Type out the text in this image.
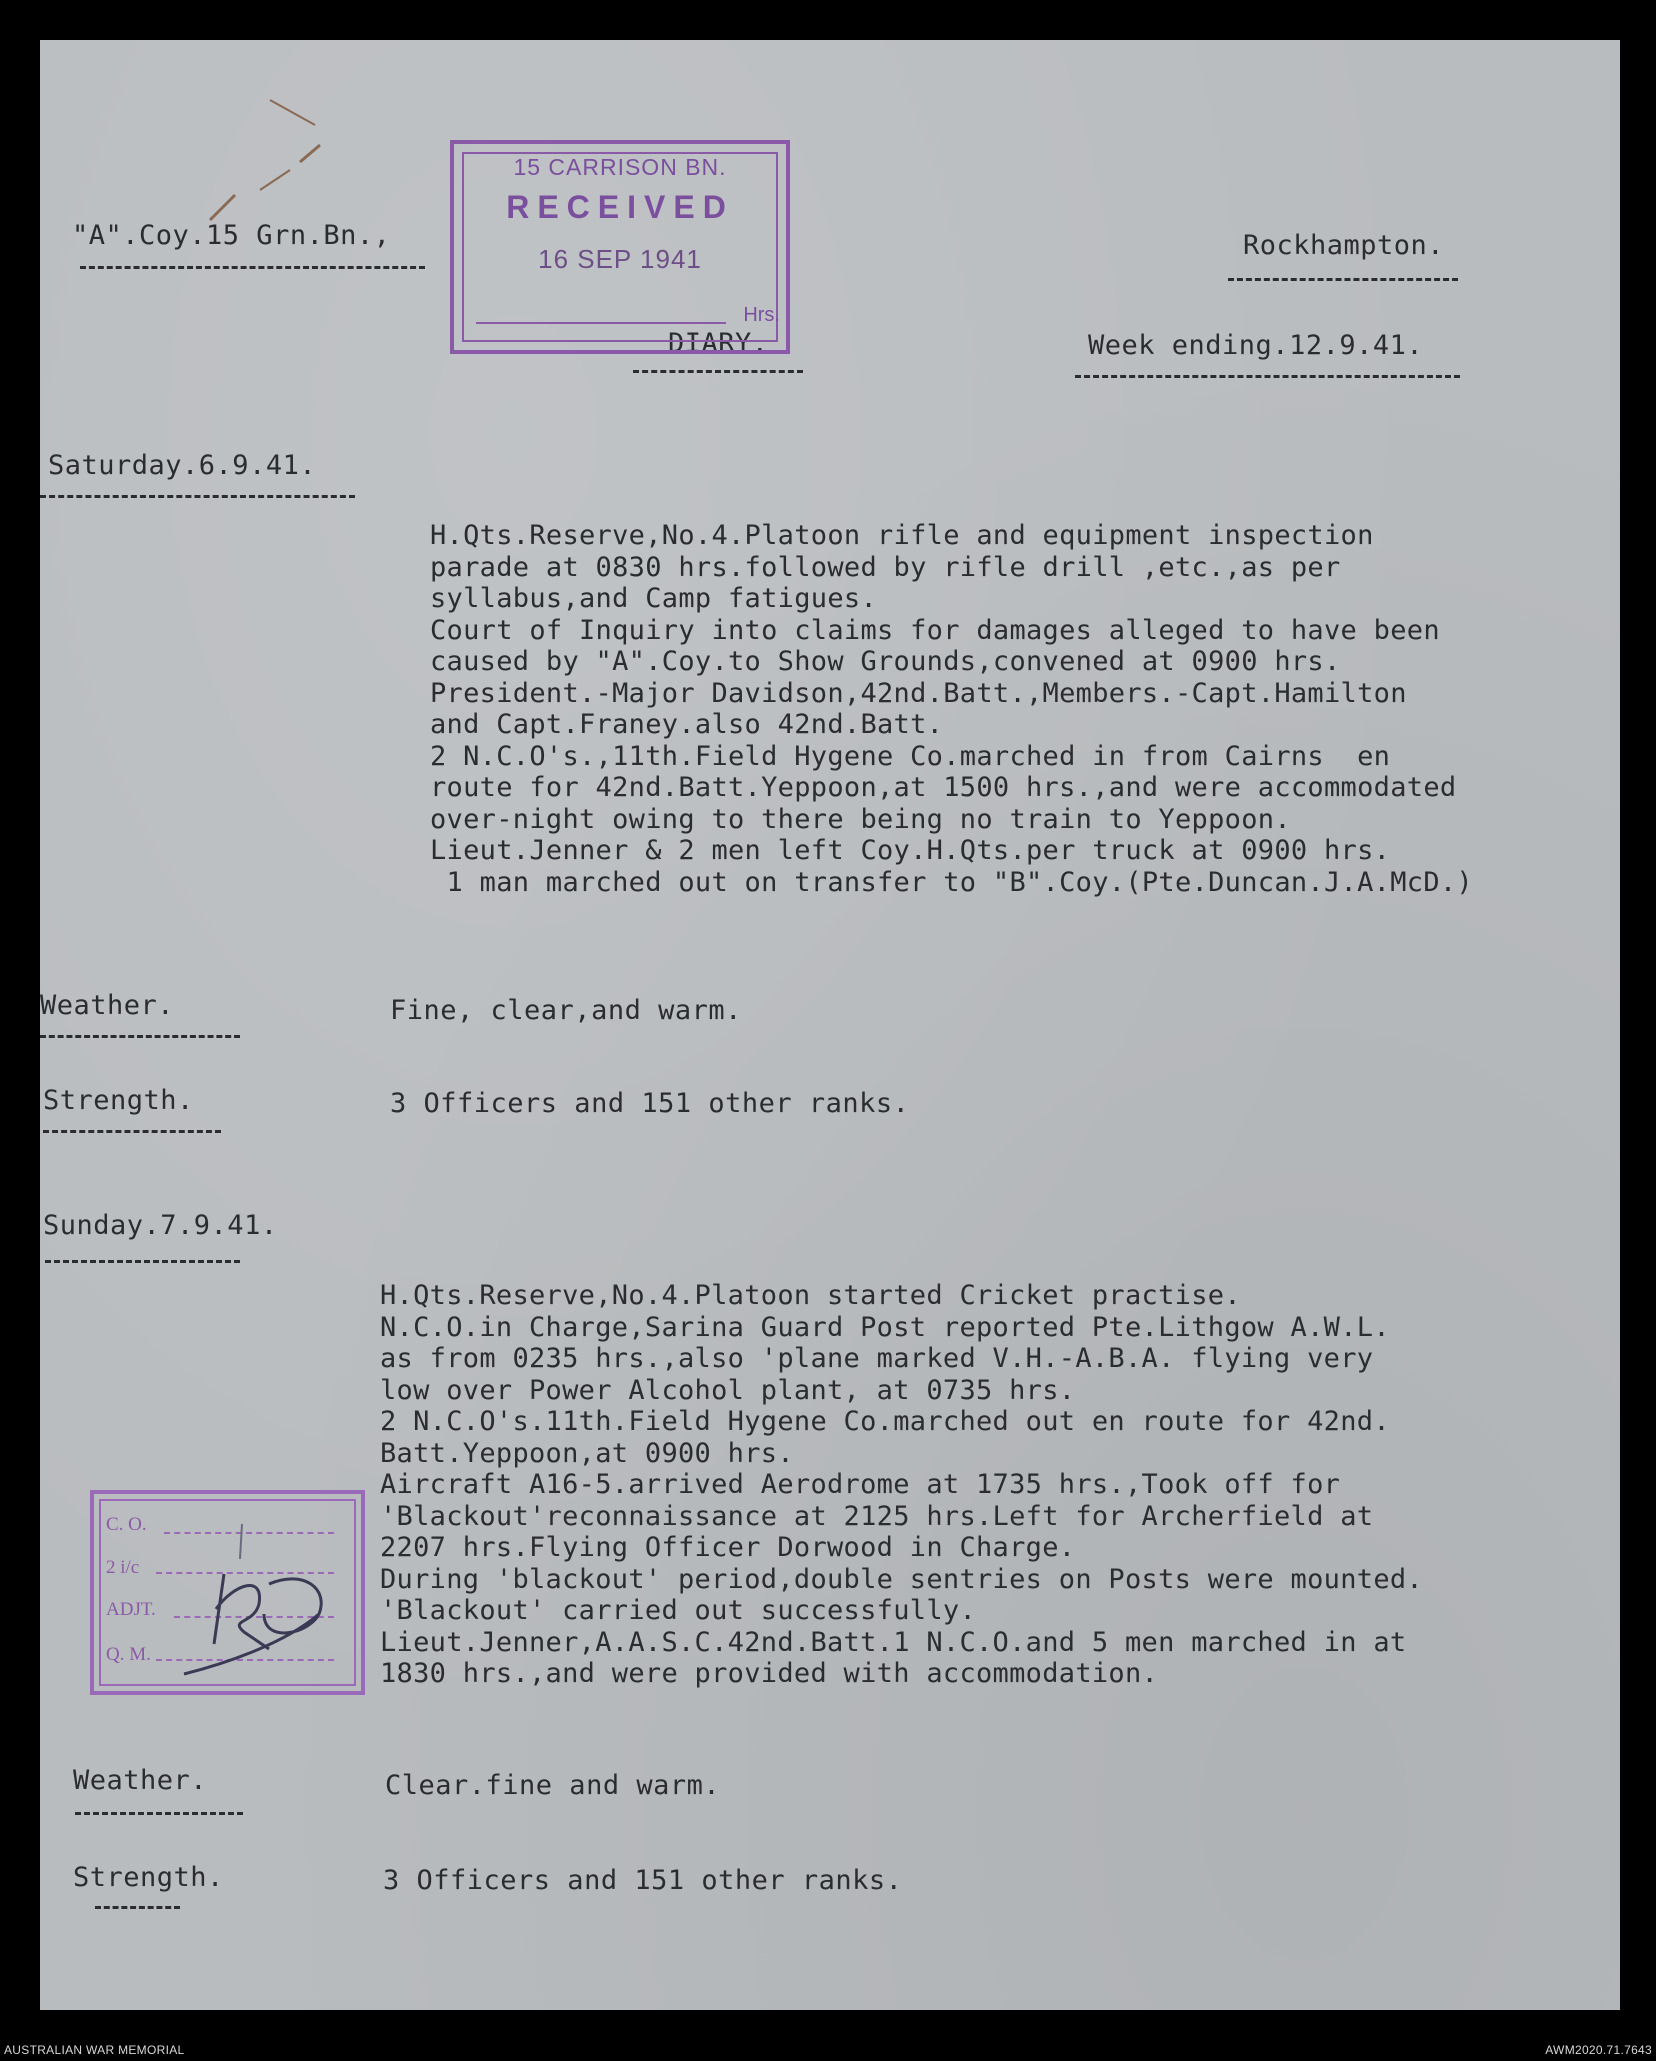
"A".Coy.15 Grn.Bn.,	Rockhampton.
DIARY.	Week ending.12.9.41.
15 CARRISON BN.
RECEIVED
16 SEP 1941
Hrs.
Saturday.6.9.41.
H.Qts.Reserve,No.4.Platoon rifle and equipment inspection
parade at 0830 hrs.followed by rifle drill ,etc.,as per
syllabus,and Camp fatigues.
Court of Inquiry into claims for damages alleged to have been
caused by "A".Coy.to Show Grounds,convened at 0900 hrs.
President.-Major Davidson,42nd.Batt.,Members.-Capt.Hamilton
and Capt.Franey.also 42nd.Batt.
2 N.C.O's.,11th.Field Hygene Co.marched in from Cairns  en
route for 42nd.Batt.Yeppoon,at 1500 hrs.,and were accommodated
over-night owing to there being no train to Yeppoon.
Lieut.Jenner & 2 men left Coy.H.Qts.per truck at 0900 hrs.
1 man marched out on transfer to "B".Coy.(Pte.Duncan.J.A.McD.)
Weather.	Fine, clear,and warm.
Strength.	3 Officers and 151 other ranks.
Sunday.7.9.41.
H.Qts.Reserve,No.4.Platoon started Cricket practise.
N.C.O.in Charge,Sarina Guard Post reported Pte.Lithgow A.W.L.
as from 0235 hrs.,also 'plane marked V.H.-A.B.A. flying very
low over Power Alcohol plant, at 0735 hrs.
2 N.C.O's.11th.Field Hygene Co.marched out en route for 42nd.
Batt.Yeppoon,at 0900 hrs.
Aircraft A16-5.arrived Aerodrome at 1735 hrs.,Took off for
'Blackout'reconnaissance at 2125 hrs.Left for Archerfield at
2207 hrs.Flying Officer Dorwood in Charge.
During 'blackout' period,double sentries on Posts were mounted.
'Blackout' carried out successfully.
Lieut.Jenner,A.A.S.C.42nd.Batt.1 N.C.O.and 5 men marched in at
1830 hrs.,and were provided with accommodation.
C. O.
2 i/c
ADJT.
Q. M.
Weather.	Clear.fine and warm.
Strength.	3 Officers and 151 other ranks.
AUSTRALIAN WAR MEMORIAL	AWM2020.71.7643
